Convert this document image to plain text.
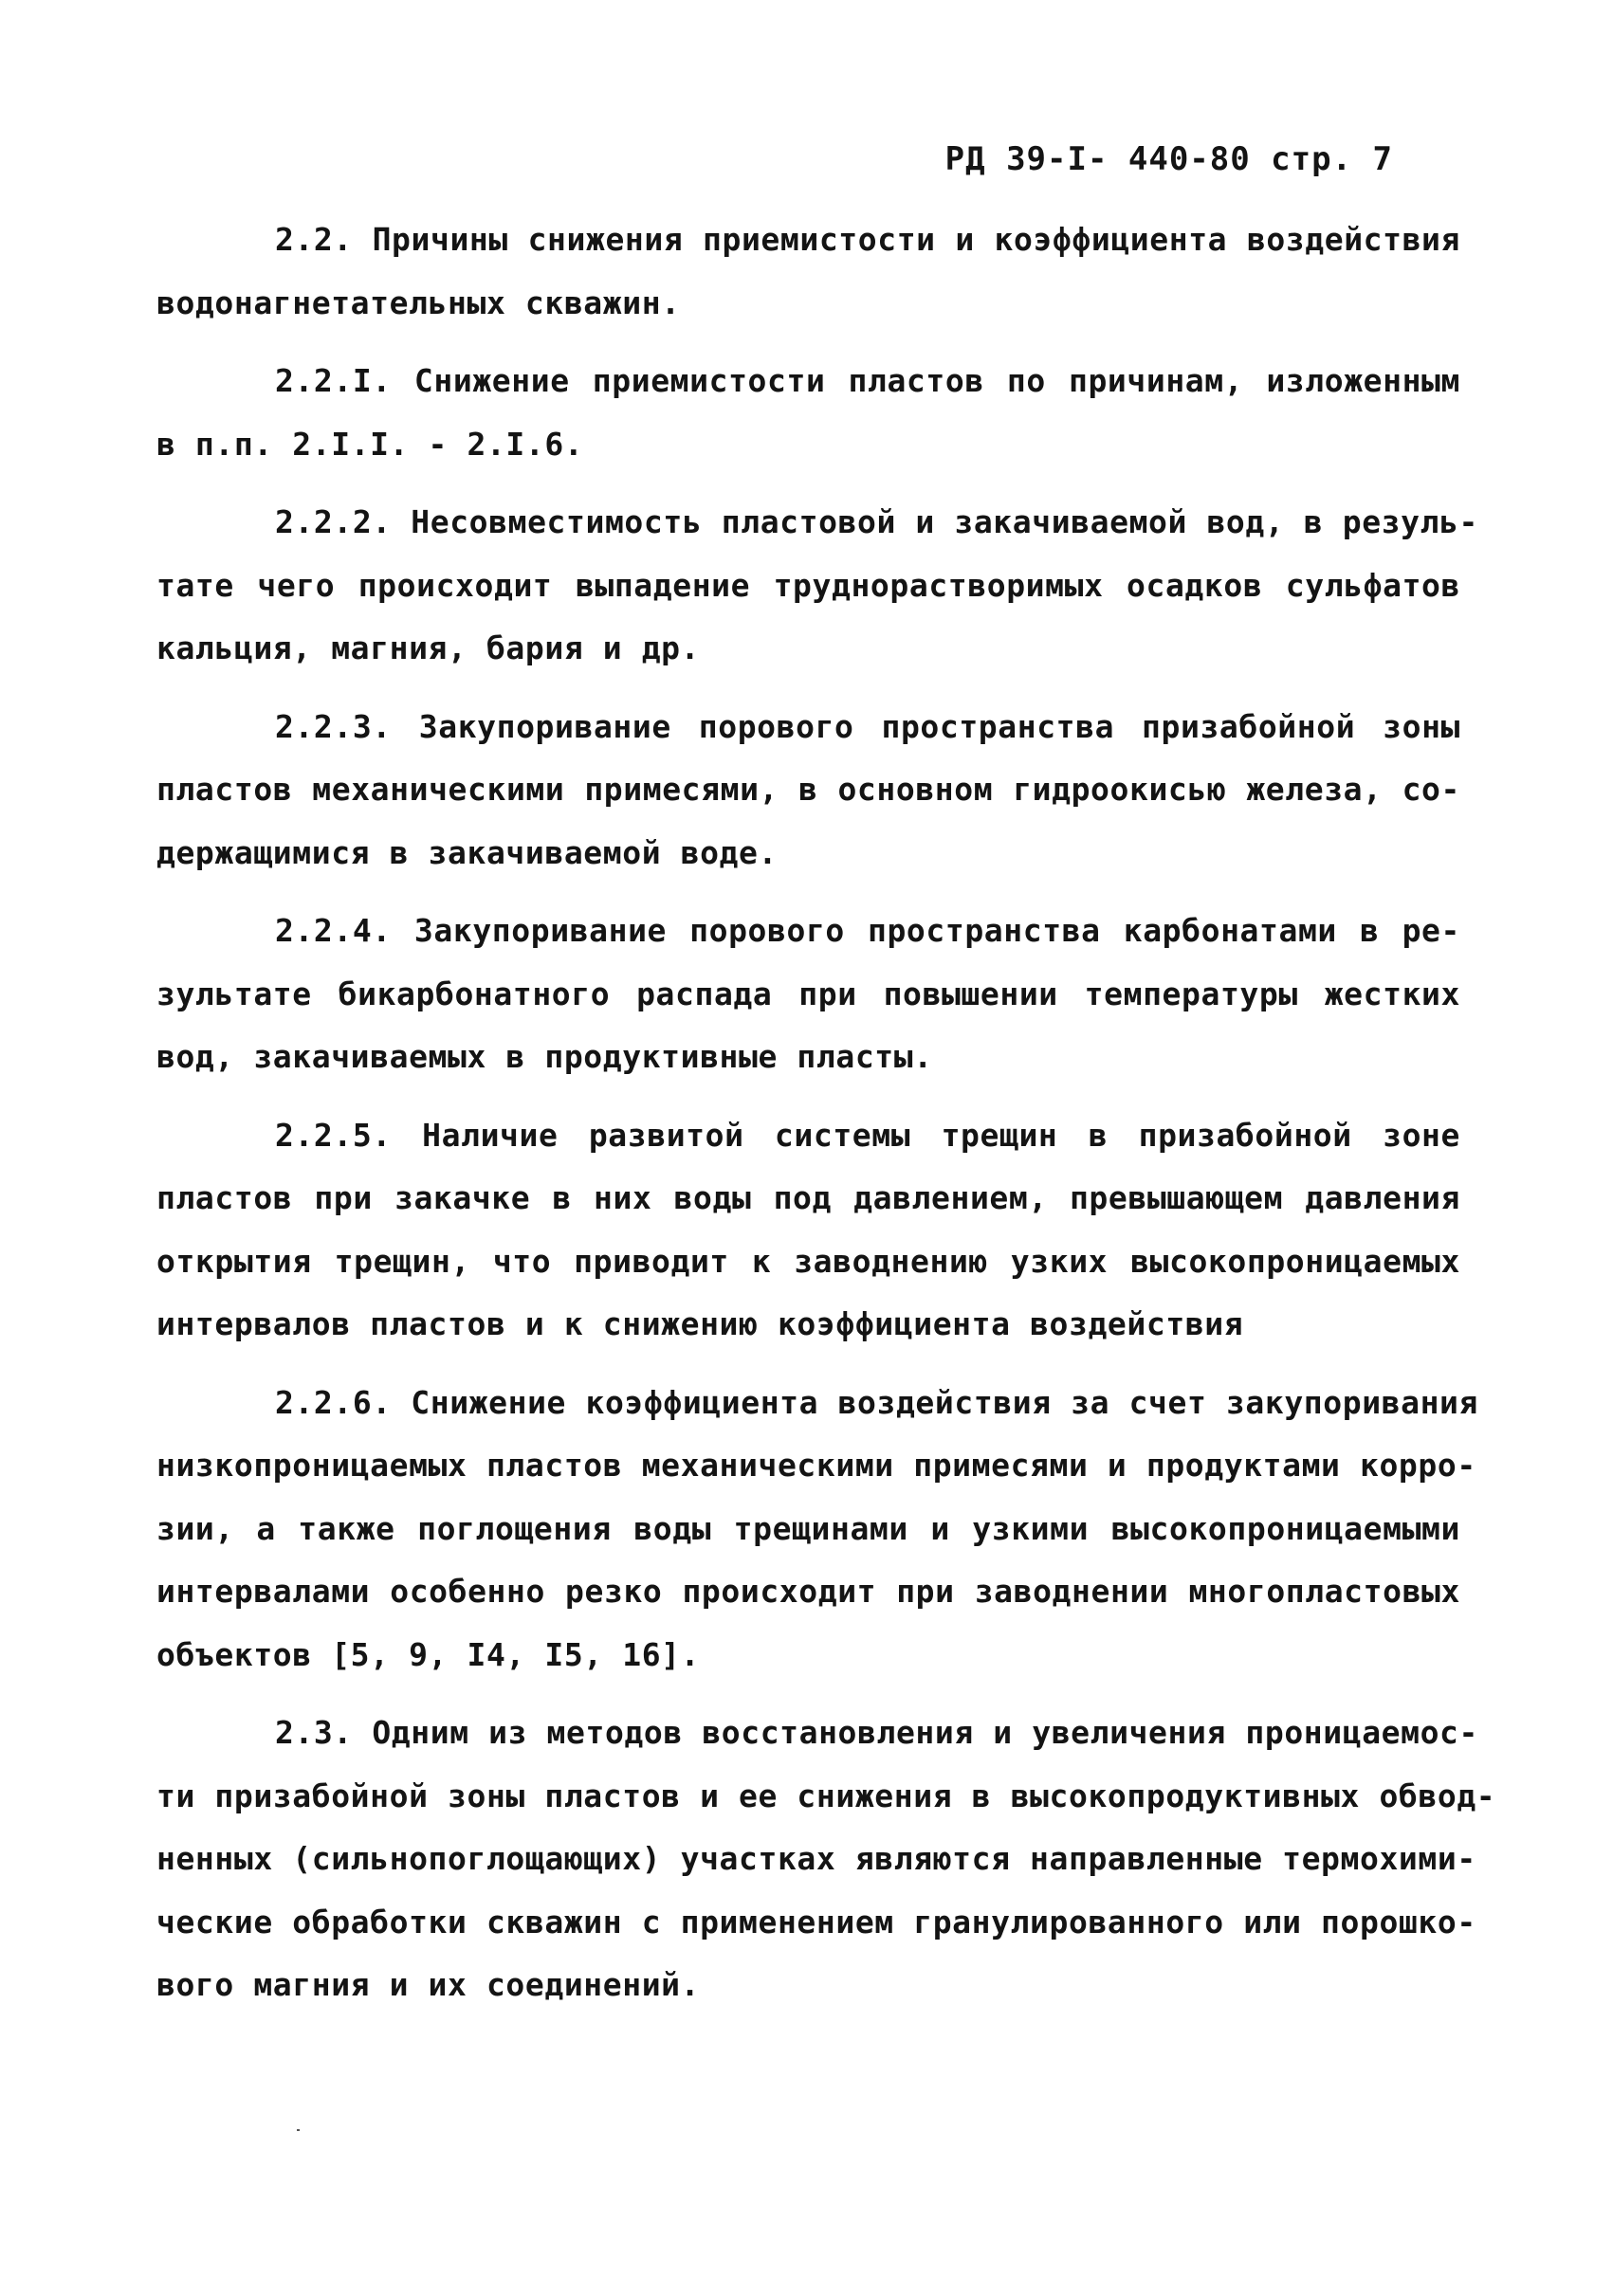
РД 39-I- 440-80 стр. 7
2.2. Причины снижения приемистости и коэффициента воздействия
водонагнетательных скважин.
2.2.I. Снижение приемистости пластов по причинам, изложенным
в п.п. 2.I.I. - 2.I.6.
2.2.2. Несовместимость пластовой и закачиваемой вод, в резуль-
тате чего происходит выпадение труднорастворимых осадков сульфатов
кальция, магния, бария и др.
2.2.3. Закупоривание порового пространства призабойной зоны
пластов механическими примесями, в основном гидроокисью железа, со-
держащимися в закачиваемой воде.
2.2.4. Закупоривание порового пространства карбонатами в ре-
зультате бикарбонатного распада при повышении температуры жестких
вод, закачиваемых в продуктивные пласты.
2.2.5. Наличие развитой системы трещин в призабойной зоне
пластов при закачке в них воды под давлением, превышающем давления
открытия трещин, что приводит к заводнению узких высокопроницаемых
интервалов пластов и к снижению коэффициента воздействия
2.2.6. Снижение коэффициента воздействия за счет закупоривания
низкопроницаемых пластов механическими примесями и продуктами корро-
зии, а также поглощения воды трещинами и узкими высокопроницаемыми
интервалами особенно резко происходит при заводнении многопластовых
объектов [5, 9, I4, I5, 16].
2.3. Одним из методов восстановления и увеличения проницаемос-
ти призабойной зоны пластов и ее снижения в высокопродуктивных обвод-
ненных (сильнопоглощающих) участках являются направленные термохими-
ческие обработки скважин с применением гранулированного или порошко-
вого магния и их соединений.
